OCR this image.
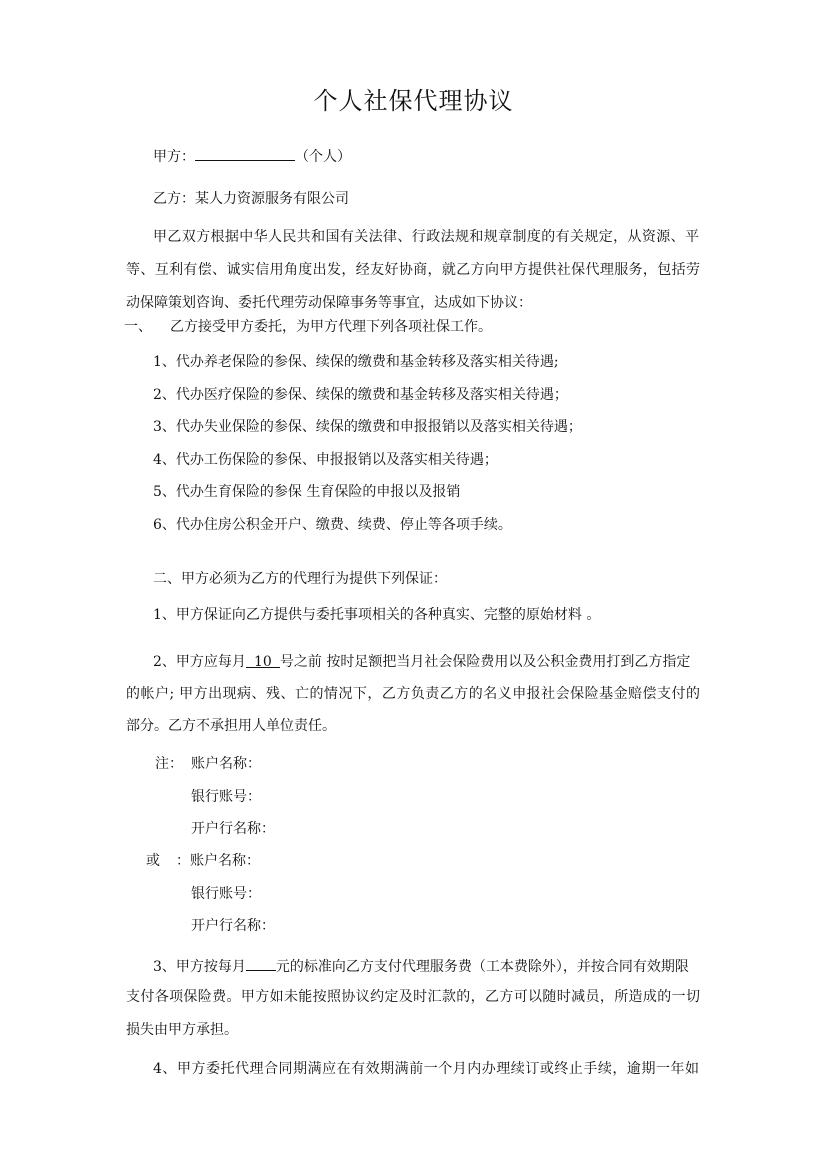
个人社保代理协议
甲方：	（个人）
乙方：某人力资源服务有限公司
甲乙双方根据中华人民共和国有关法律、行政法规和规章制度的有关规定，从资源、平
等、互利有偿、诚实信用角度出发，经友好协商，就乙方向甲方提供社保代理服务，包括劳
动保障策划咨询、委托代理劳动保障事务等事宜，达成如下协议：
一、 乙方接受甲方委托，为甲方代理下列各项社保工作。
1、代办养老保险的参保、续保的缴费和基金转移及落实相关待遇;
2、代办医疗保险的参保、续保的缴费和基金转移及落实相关待遇；
3、代办失业保险的参保、续保的缴费和申报报销以及落实相关待遇；
4、代办工伤保险的参保、申报报销以及落实相关待遇；
5、代办生育保险的参保 生育保险的申报以及报销
6、代办住房公积金开户、缴费、续费、停止等各项手续。
二、甲方必须为乙方的代理行为提供下列保证：
1、甲方保证向乙方提供与委托事项相关的各种真实、完整的原始材料 。
2、甲方应每月 10 号之前 按时足额把当月社会保险费用以及公积金费用打到乙方指定
的帐户; 甲方出现病、残、亡的情况下，乙方负责乙方的名义申报社会保险基金赔偿支付的
部分。乙方不承担用人单位责任。
注： 账户名称：
银行账号：
开户行名称：
或 ：账户名称：
银行账号：
开户行名称：
3、甲方按每月 元的标准向乙方支付代理服务费（工本费除外），并按合同有效期限
支付各项保险费。甲方如未能按照协议约定及时汇款的，乙方可以随时减员，所造成的一切
损失由甲方承担。
4、甲方委托代理合同期满应在有效期满前一个月内办理续订或终止手续，逾期一年如
